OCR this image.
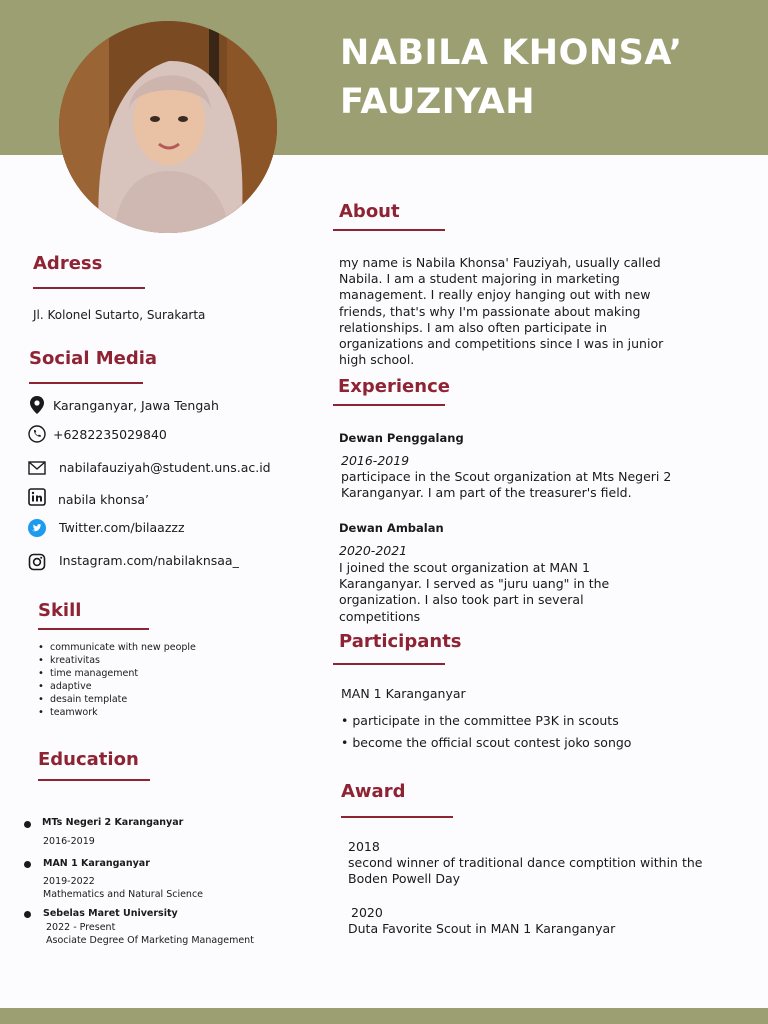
NABILA KHONSA’
FAUZIYAH
Adress
Jl. Kolonel Sutarto, Surakarta
Social Media
Karanganyar, Jawa Tengah
+6282235029840
nabilafauziyah@student.uns.ac.id
nabila khonsa’
Twitter.com/bilaazzz
Instagram.com/nabilaknsaa_
Skill
• communicate with new people
• kreativitas
• time management
• adaptive
• desain template
• teamwork
Education
MTs Negeri 2 Karanganyar
2016-2019
MAN 1 Karanganyar
2019-2022
Mathematics and Natural Science
Sebelas Maret University
2022 - Present
Asociate Degree Of Marketing Management
About
my name is Nabila Khonsa' Fauziyah, usually called Nabila. I am a student majoring in marketing management. I really enjoy hanging out with new friends, that's why I'm passionate about making relationships. I am also often participate in organizations and competitions since I was in junior high school.
Experience
Dewan Penggalang
2016-2019
participace in the Scout organization at Mts Negeri 2 Karanganyar. I am part of the treasurer's field.
Dewan Ambalan
2020-2021
I joined the scout organization at MAN 1 Karanganyar. I served as "juru uang" in the organization. I also took part in several competitions
Participants
MAN 1 Karanganyar
• participate in the committee P3K in scouts
• become the official scout contest joko songo
Award
2018
second winner of traditional dance comptition within the Boden Powell Day
2020
Duta Favorite Scout in MAN 1 Karanganyar
